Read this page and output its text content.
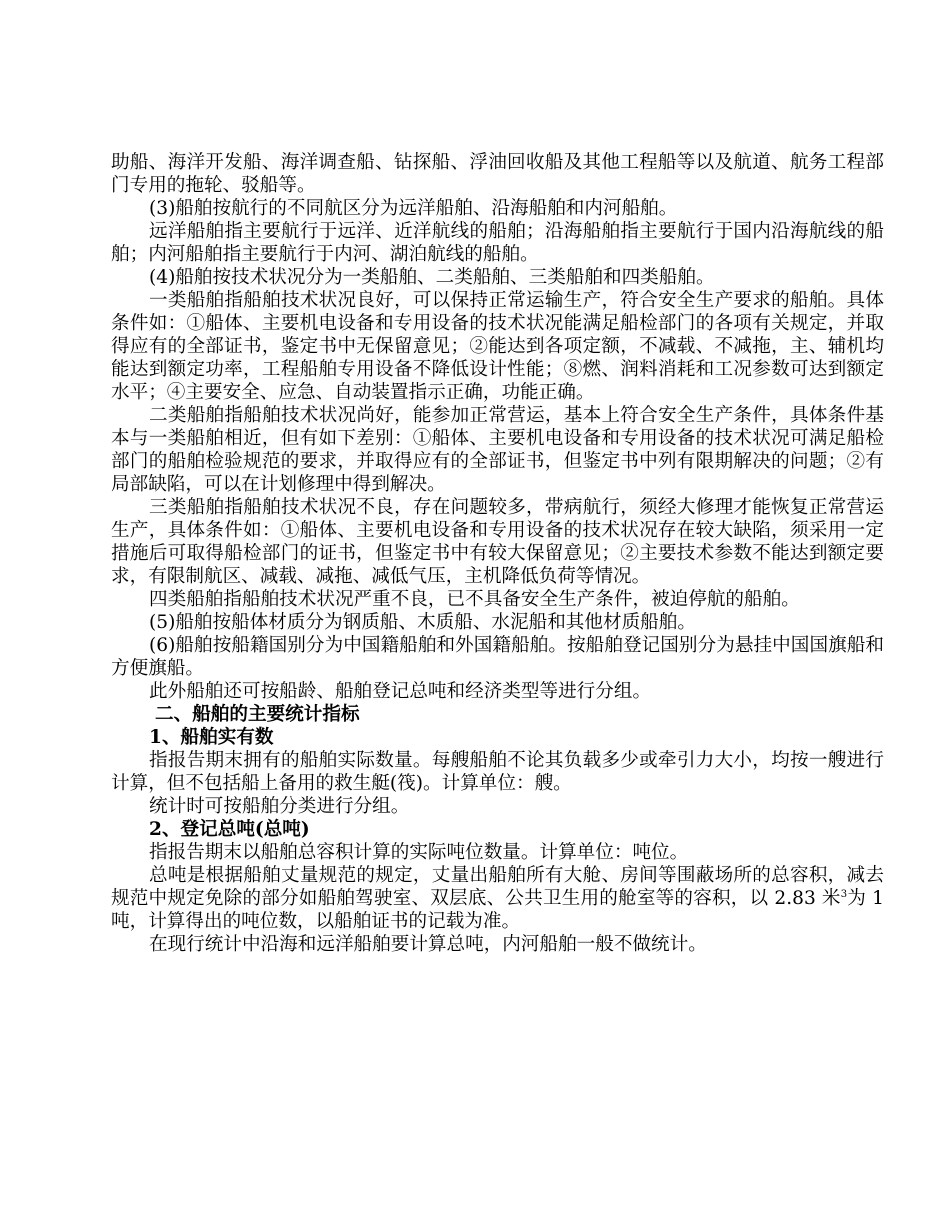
助船、海洋开发船、海洋调查船、钻探船、浮油回收船及其他工程船等以及航道、航务工程部门专用的拖轮、驳船等。

(3)船舶按航行的不同航区分为远洋船舶、沿海船舶和内河船舶。

远洋船舶指主要航行于远洋、近洋航线的船舶；沿海船舶指主要航行于国内沿海航线的船舶；内河船舶指主要航行于内河、湖泊航线的船舶。

(4)船舶按技术状况分为一类船舶、二类船舶、三类船舶和四类船舶。

一类船舶指船舶技术状况良好，可以保持正常运输生产，符合安全生产要求的船舶。具体条件如：①船体、主要机电设备和专用设备的技术状况能满足船检部门的各项有关规定，并取得应有的全部证书，鉴定书中无保留意见；②能达到各项定额，不减载、不减拖，主、辅机均能达到额定功率，工程船舶专用设备不降低设计性能；⑧燃、润料消耗和工况参数可达到额定水平；④主要安全、应急、自动装置指示正确，功能正确。

二类船舶指船舶技术状况尚好，能参加正常营运，基本上符合安全生产条件，具体条件基本与一类船舶相近，但有如下差别：①船体、主要机电设备和专用设备的技术状况可满足船检部门的船舶检验规范的要求，并取得应有的全部证书，但鉴定书中列有限期解决的问题；②有局部缺陷，可以在计划修理中得到解决。

三类船舶指船舶技术状况不良，存在问题较多，带病航行，须经大修理才能恢复正常营运生产，具体条件如：①船体、主要机电设备和专用设备的技术状况存在较大缺陷，须采用一定措施后可取得船检部门的证书，但鉴定书中有较大保留意见；②主要技术参数不能达到额定要求，有限制航区、减载、减拖、减低气压，主机降低负荷等情况。

四类船舶指船舶技术状况严重不良，已不具备安全生产条件，被迫停航的船舶。

(5)船舶按船体材质分为钢质船、木质船、水泥船和其他材质船舶。

(6)船舶按船籍国别分为中国籍船舶和外国籍船舶。按船舶登记国别分为悬挂中国国旗船和方便旗船。

此外船舶还可按船龄、船舶登记总吨和经济类型等进行分组。

二、船舶的主要统计指标

1、船舶实有数

指报告期末拥有的船舶实际数量。每艘船舶不论其负载多少或牵引力大小，均按一艘进行计算，但不包括船上备用的救生艇(筏)。计算单位：艘。

统计时可按船舶分类进行分组。

2、登记总吨(总吨)

指报告期末以船舶总容积计算的实际吨位数量。计算单位：吨位。

总吨是根据船舶丈量规范的规定，丈量出船舶所有大舱、房间等围蔽场所的总容积，减去规范中规定免除的部分如船舶驾驶室、双层底、公共卫生用的舱室等的容积，以 2.83 米$^3$为 1 吨，计算得出的吨位数，以船舶证书的记载为准。

在现行统计中沿海和远洋船舶要计算总吨，内河船舶一般不做统计。
